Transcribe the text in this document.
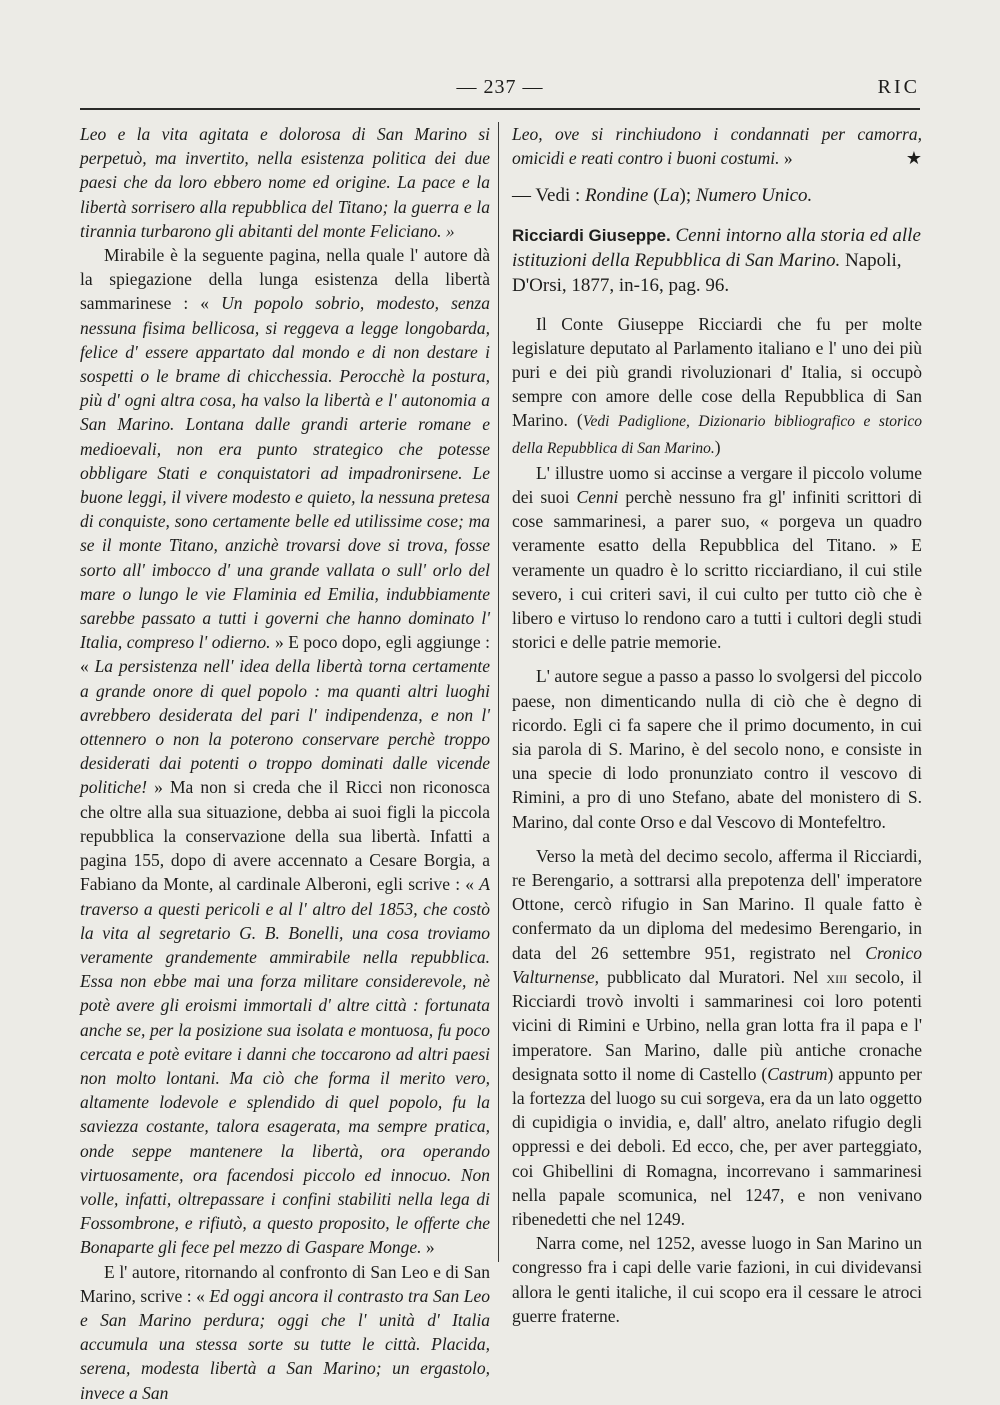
— 237 —	RIC

Leo e la vita agitata e dolorosa di San Marino si perpetuò, ma invertito, nella esistenza politica dei due paesi che da loro ebbero nome ed origine. La pace e la libertà sorrisero alla repubblica del Titano; la guerra e la tirannia turbarono gli abitanti del monte Feliciano. »

Mirabile è la seguente pagina, nella quale l' autore dà la spiegazione della lunga esistenza della libertà sammarinese : « Un popolo sobrio, modesto, senza nessuna fisima bellicosa, si reggeva a legge longobarda, felice d' essere appartato dal mondo e di non destare i sospetti o le brame di chicchessia. Perocchè la postura, più d' ogni altra cosa, ha valso la libertà e l' autonomia a San Marino. Lontana dalle grandi arterie romane e medioevali, non era punto strategico che potesse obbligare Stati e conquistatori ad impadronirsene. Le buone leggi, il vivere modesto e quieto, la nessuna pretesa di conquiste, sono certamente belle ed utilissime cose; ma se il monte Titano, anzichè trovarsi dove si trova, fosse sorto all' imbocco d' una grande vallata o sull' orlo del mare o lungo le vie Flaminia ed Emilia, indubbiamente sarebbe passato a tutti i governi che hanno dominato l' Italia, compreso l' odierno. » E poco dopo, egli aggiunge : « La persistenza nell' idea della libertà torna certamente a grande onore di quel popolo : ma quanti altri luoghi avrebbero desiderata del pari l' indipendenza, e non l' ottennero o non la poterono conservare perchè troppo desiderati dai potenti o troppo dominati dalle vicende politiche! » Ma non si creda che il Ricci non riconosca che oltre alla sua situazione, debba ai suoi figli la piccola repubblica la conservazione della sua libertà. Infatti a pagina 155, dopo di avere accennato a Cesare Borgia, a Fabiano da Monte, al cardinale Alberoni, egli scrive : « A traverso a questi pericoli e al l' altro del 1853, che costò la vita al segretario G. B. Bonelli, una cosa troviamo veramente grandemente ammirabile nella repubblica. Essa non ebbe mai una forza militare considerevole, nè potè avere gli eroismi immortali d' altre città : fortunata anche se, per la posizione sua isolata e montuosa, fu poco cercata e potè evitare i danni che toccarono ad altri paesi non molto lontani. Ma ciò che forma il merito vero, altamente lodevole e splendido di quel popolo, fu la saviezza costante, talora esagerata, ma sempre pratica, onde seppe mantenere la libertà, ora operando virtuosamente, ora facendosi piccolo ed innocuo. Non volle, infatti, oltrepassare i confini stabiliti nella lega di Fossombrone, e rifiutò, a questo proposito, le offerte che Bonaparte gli fece pel mezzo di Gaspare Monge. »

E l' autore, ritornando al confronto di San Leo e di San Marino, scrive : « Ed oggi ancora il contrasto tra San Leo e San Marino perdura; oggi che l' unità d' Italia accumula una stessa sorte su tutte le città. Placida, serena, modesta libertà a San Marino; un ergastolo, invece a San

Leo, ove si rinchiudono i condannati per camorra, omicidi e reati contro i buoni costumi. »	★

— Vedi : Rondine (La); Numero Unico.

Ricciardi Giuseppe. Cenni intorno alla storia ed alle istituzioni della Repubblica di San Marino. Napoli, D'Orsi, 1877, in-16, pag. 96.

Il Conte Giuseppe Ricciardi che fu per molte legislature deputato al Parlamento italiano e l' uno dei più puri e dei più grandi rivoluzionari d' Italia, si occupò sempre con amore delle cose della Repubblica di San Marino. (Vedi Padiglione, Dizionario bibliografico e storico della Repubblica di San Marino.)

L' illustre uomo si accinse a vergare il piccolo volume dei suoi Cenni perchè nessuno fra gl' infiniti scrittori di cose sammarinesi, a parer suo, « porgeva un quadro veramente esatto della Repubblica del Titano. » E veramente un quadro è lo scritto ricciardiano, il cui stile severo, i cui criteri savi, il cui culto per tutto ciò che è libero e virtuso lo rendono caro a tutti i cultori degli studi storici e delle patrie memorie.

L' autore segue a passo a passo lo svolgersi del piccolo paese, non dimenticando nulla di ciò che è degno di ricordo. Egli ci fa sapere che il primo documento, in cui sia parola di S. Marino, è del secolo nono, e consiste in una specie di lodo pronunziato contro il vescovo di Rimini, a pro di uno Stefano, abate del monistero di S. Marino, dal conte Orso e dal Vescovo di Montefeltro.

Verso la metà del decimo secolo, afferma il Ricciardi, re Berengario, a sottrarsi alla prepotenza dell' imperatore Ottone, cercò rifugio in San Marino. Il quale fatto è confermato da un diploma del medesimo Berengario, in data del 26 settembre 951, registrato nel Cronico Valturnense, pubblicato dal Muratori. Nel xiii secolo, il Ricciardi trovò involti i sammarinesi coi loro potenti vicini di Rimini e Urbino, nella gran lotta fra il papa e l' imperatore. San Marino, dalle più antiche cronache designata sotto il nome di Castello (Castrum) appunto per la fortezza del luogo su cui sorgeva, era da un lato oggetto di cupidigia o invidia, e, dall' altro, anelato rifugio degli oppressi e dei deboli. Ed ecco, che, per aver parteggiato, coi Ghibellini di Romagna, incorrevano i sammarinesi nella papale scomunica, nel 1247, e non venivano ribenedetti che nel 1249.

Narra come, nel 1252, avesse luogo in San Marino un congresso fra i capi delle varie fazioni, in cui dividevansi allora le genti italiche, il cui scopo era il cessare le atroci guerre fraterne.
